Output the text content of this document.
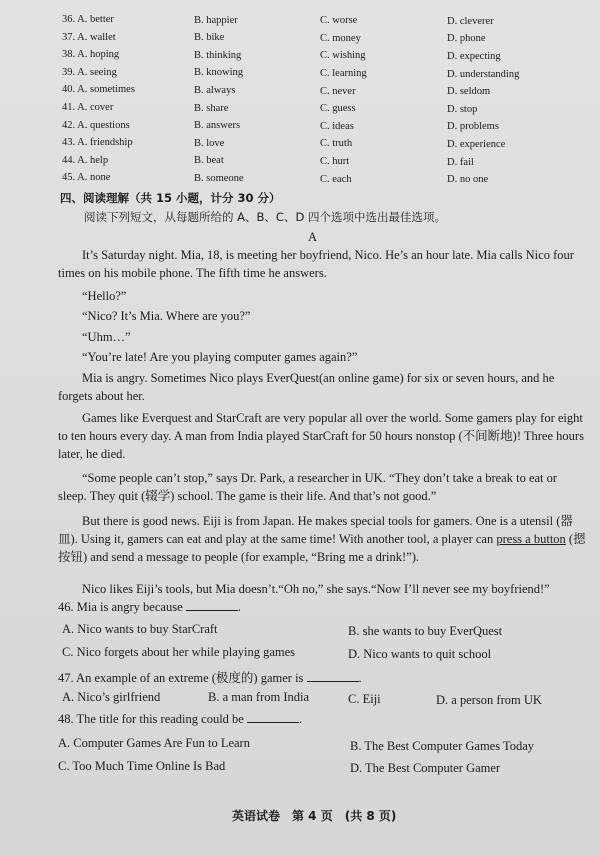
36. A. better	B. happier	C. worse	D. cleverer
37. A. wallet	B. bike	C. money	D. phone
38. A. hoping	B. thinking	C. wishing	D. expecting
39. A. seeing	B. knowing	C. learning	D. understanding
40. A. sometimes	B. always	C. never	D. seldom
41. A. cover	B. share	C. guess	D. stop
42. A. questions	B. answers	C. ideas	D. problems
43. A. friendship	B. love	C. truth	D. experience
44. A. help	B. beat	C. hurt	D. fail
45. A. none	B. someone	C. each	D. no one
四、阅读理解（共 15 小题，计分 30 分）
阅读下列短文，从每题所给的 A、B、C、D 四个选项中选出最佳选项。
A
It’s Saturday night. Mia, 18, is meeting her boyfriend, Nico. He’s an hour late. Mia calls Nico four times on his mobile phone. The fifth time he answers.
“Hello?”
“Nico? It’s Mia. Where are you?”
“Uhm…”
“You’re late! Are you playing computer games again?”
Mia is angry. Sometimes Nico plays EverQuest(an online game) for six or seven hours, and he forgets about her.
Games like Everquest and StarCraft are very popular all over the world. Some gamers play for eight to ten hours every day. A man from India played StarCraft for 50 hours nonstop (不间断地)! Three hours later, he died.
“Some people can’t stop,” says Dr. Park, a researcher in UK. “They don’t take a break to eat or sleep. They quit (辍学) school. The game is their life. And that’s not good.”
But there is good news. Eiji is from Japan. He makes special tools for gamers. One is a utensil (器皿). Using it, gamers can eat and play at the same time! With another tool, a player can press a button (摁按钮) and send a message to people (for example, “Bring me a drink!”).
Nico likes Eiji’s tools, but Mia doesn’t.“Oh no,” she says.“Now I’ll never see my boyfriend!”
46. Mia is angry because	.
A. Nico wants to buy StarCraft	B. she wants to buy EverQuest
C. Nico forgets about her while playing games	D. Nico wants to quit school
47. An example of an extreme (极度的) gamer is	.
A. Nico’s girlfriend	B. a man from India	C. Eiji	D. a person from UK
48. The title for this reading could be	.
A. Computer Games Are Fun to Learn	B. The Best Computer Games Today
C. Too Much Time Online Is Bad	D. The Best Computer Gamer
英语试卷　第 4 页　(共 8 页)
